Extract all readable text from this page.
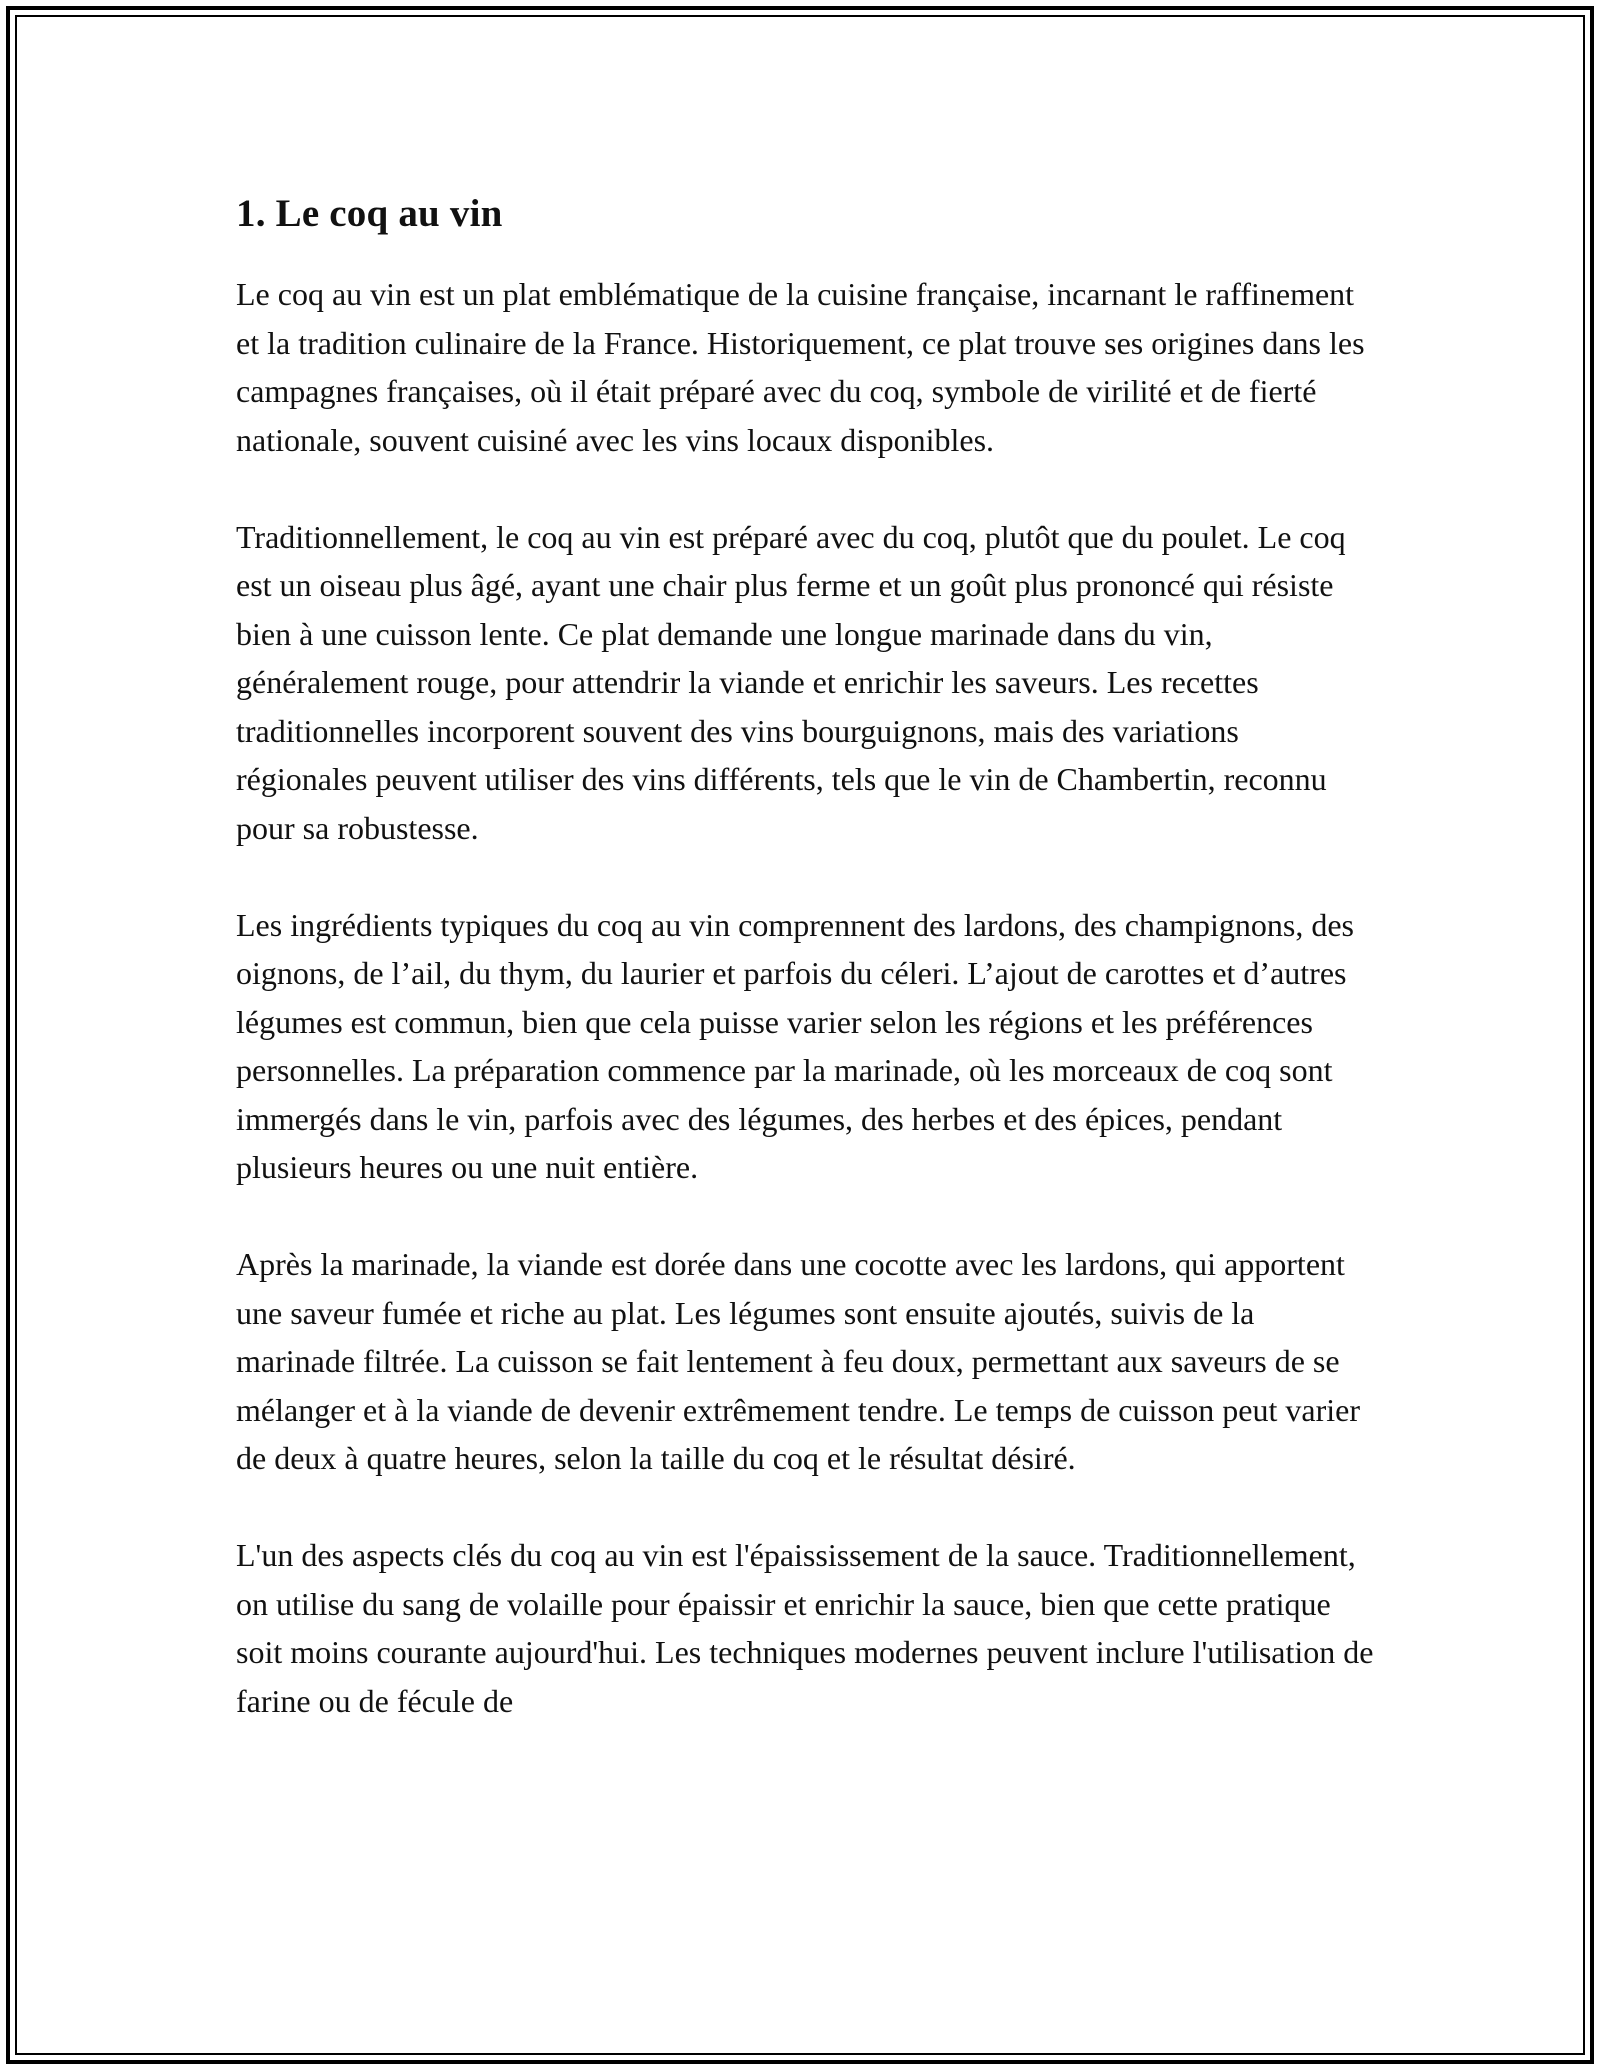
1. Le coq au vin

Le coq au vin est un plat emblématique de la cuisine française, incarnant le raffinement et la tradition culinaire de la France. Historiquement, ce plat trouve ses origines dans les campagnes françaises, où il était préparé avec du coq, symbole de virilité et de fierté nationale, souvent cuisiné avec les vins locaux disponibles.

Traditionnellement, le coq au vin est préparé avec du coq, plutôt que du poulet. Le coq est un oiseau plus âgé, ayant une chair plus ferme et un goût plus prononcé qui résiste bien à une cuisson lente. Ce plat demande une longue marinade dans du vin, généralement rouge, pour attendrir la viande et enrichir les saveurs. Les recettes traditionnelles incorporent souvent des vins bourguignons, mais des variations régionales peuvent utiliser des vins différents, tels que le vin de Chambertin, reconnu pour sa robustesse.

Les ingrédients typiques du coq au vin comprennent des lardons, des champignons, des oignons, de l’ail, du thym, du laurier et parfois du céleri. L’ajout de carottes et d’autres légumes est commun, bien que cela puisse varier selon les régions et les préférences personnelles. La préparation commence par la marinade, où les morceaux de coq sont immergés dans le vin, parfois avec des légumes, des herbes et des épices, pendant plusieurs heures ou une nuit entière.

Après la marinade, la viande est dorée dans une cocotte avec les lardons, qui apportent une saveur fumée et riche au plat. Les légumes sont ensuite ajoutés, suivis de la marinade filtrée. La cuisson se fait lentement à feu doux, permettant aux saveurs de se mélanger et à la viande de devenir extrêmement tendre. Le temps de cuisson peut varier de deux à quatre heures, selon la taille du coq et le résultat désiré.

L'un des aspects clés du coq au vin est l'épaississement de la sauce. Traditionnellement, on utilise du sang de volaille pour épaissir et enrichir la sauce, bien que cette pratique soit moins courante aujourd'hui. Les techniques modernes peuvent inclure l'utilisation de farine ou de fécule de
